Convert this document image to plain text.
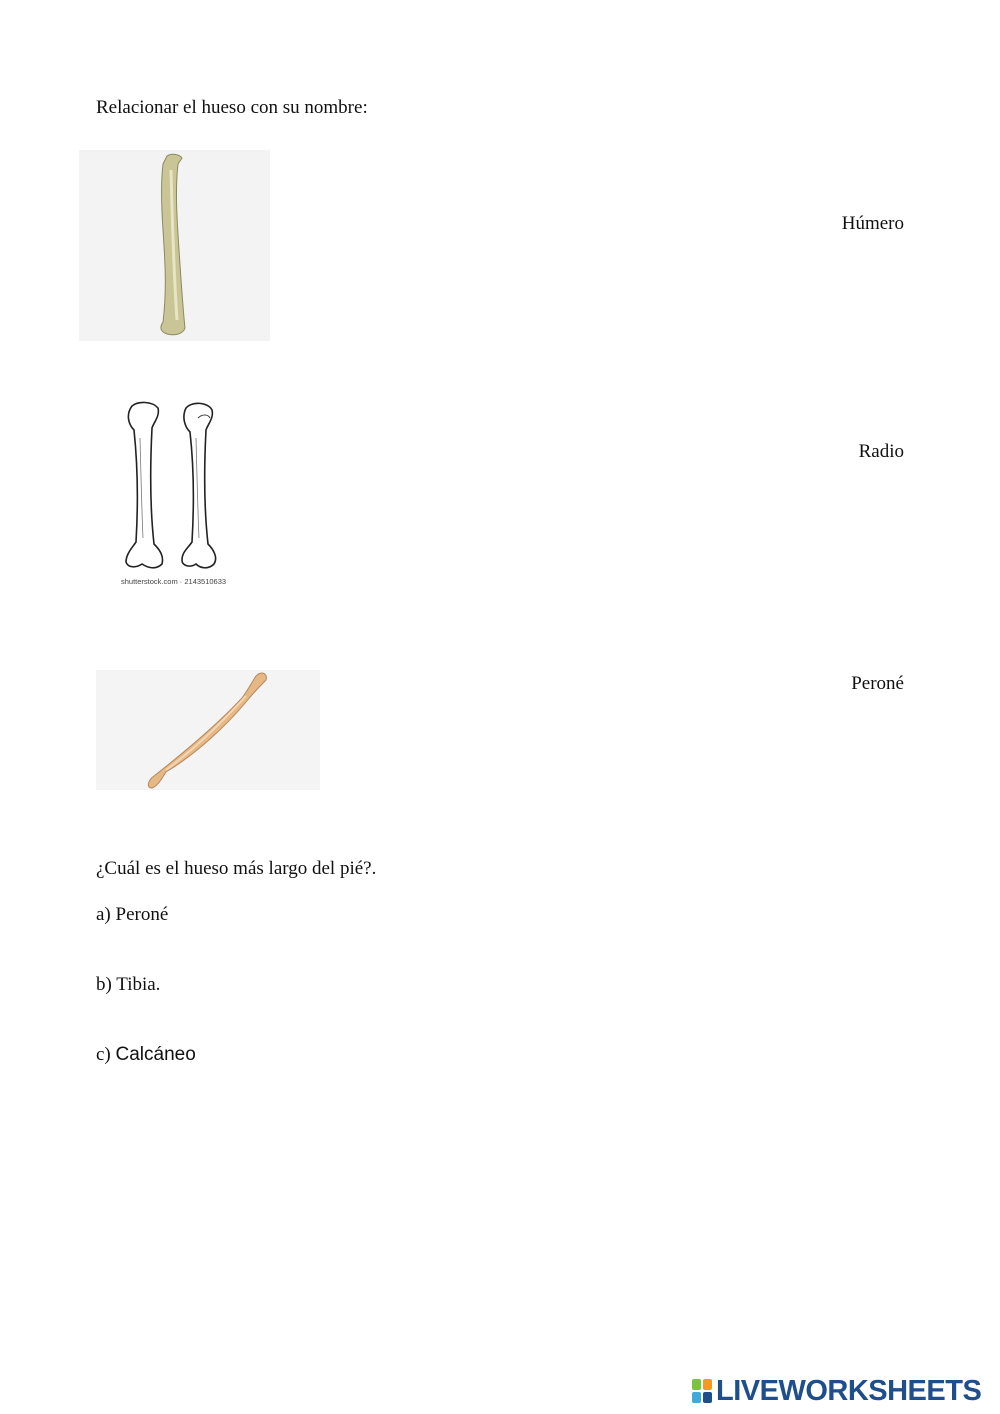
Relacionar el hueso con su nombre:
shutterstock.com · 2143510633
Húmero
Radio
Peroné
¿Cuál es el hueso más largo del pié?.
a) Peroné
b) Tibia.
c) Calcáneo
LIVEWORKSHEETS
